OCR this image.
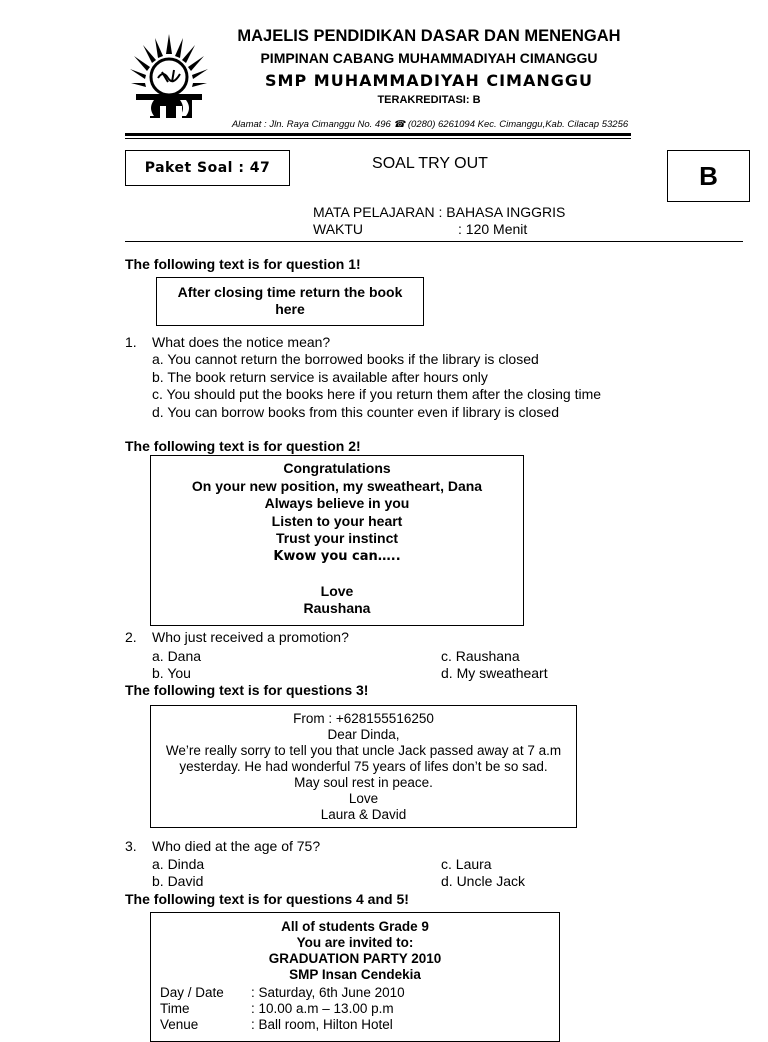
MAJELIS PENDIDIKAN DASAR DAN MENENGAH
PIMPINAN CABANG MUHAMMADIYAH CIMANGGU
SMP MUHAMMADIYAH CIMANGGU
TERAKREDITASI: B
Alamat : Jln. Raya Cimanggu No. 496 ☎ (0280) 6261094 Kec. Cimanggu,Kab. Cilacap 53256
Paket Soal : 47	SOAL TRY OUT	B
MATA PELAJARAN : BAHASA INGGRIS
WAKTU	: 120 Menit
The following text is for question 1!
After closing time return the book
here
1. What does the notice mean?
a. You cannot return the borrowed books if the library is closed
b. The book return service is available after hours only
c. You should put the books here if you return them after the closing time
d. You can borrow books from this counter even if library is closed
The following text is for question 2!
Congratulations
On your new position, my sweatheart, Dana
Always believe in you
Listen to your heart
Trust your instinct
Kwow you can…..
Love
Raushana
2. Who just received a promotion?
a. Dana
b. You
c. Raushana
d. My sweatheart
The following text is for questions 3!
From : +628155516250
Dear Dinda,
We’re really sorry to tell you that uncle Jack passed away at 7 a.m
yesterday. He had wonderful 75 years of lifes don’t be so sad.
May soul rest in peace.
Love
Laura & David
3. Who died at the age of 75?
a. Dinda
b. David
c. Laura
d. Uncle Jack
The following text is for questions 4 and 5!
All of students Grade 9
You are invited to:
GRADUATION PARTY 2010
SMP Insan Cendekia
Day / Date : Saturday, 6th June 2010
Time	: 10.00 a.m – 13.00 p.m
Venue	: Ball room, Hilton Hotel
